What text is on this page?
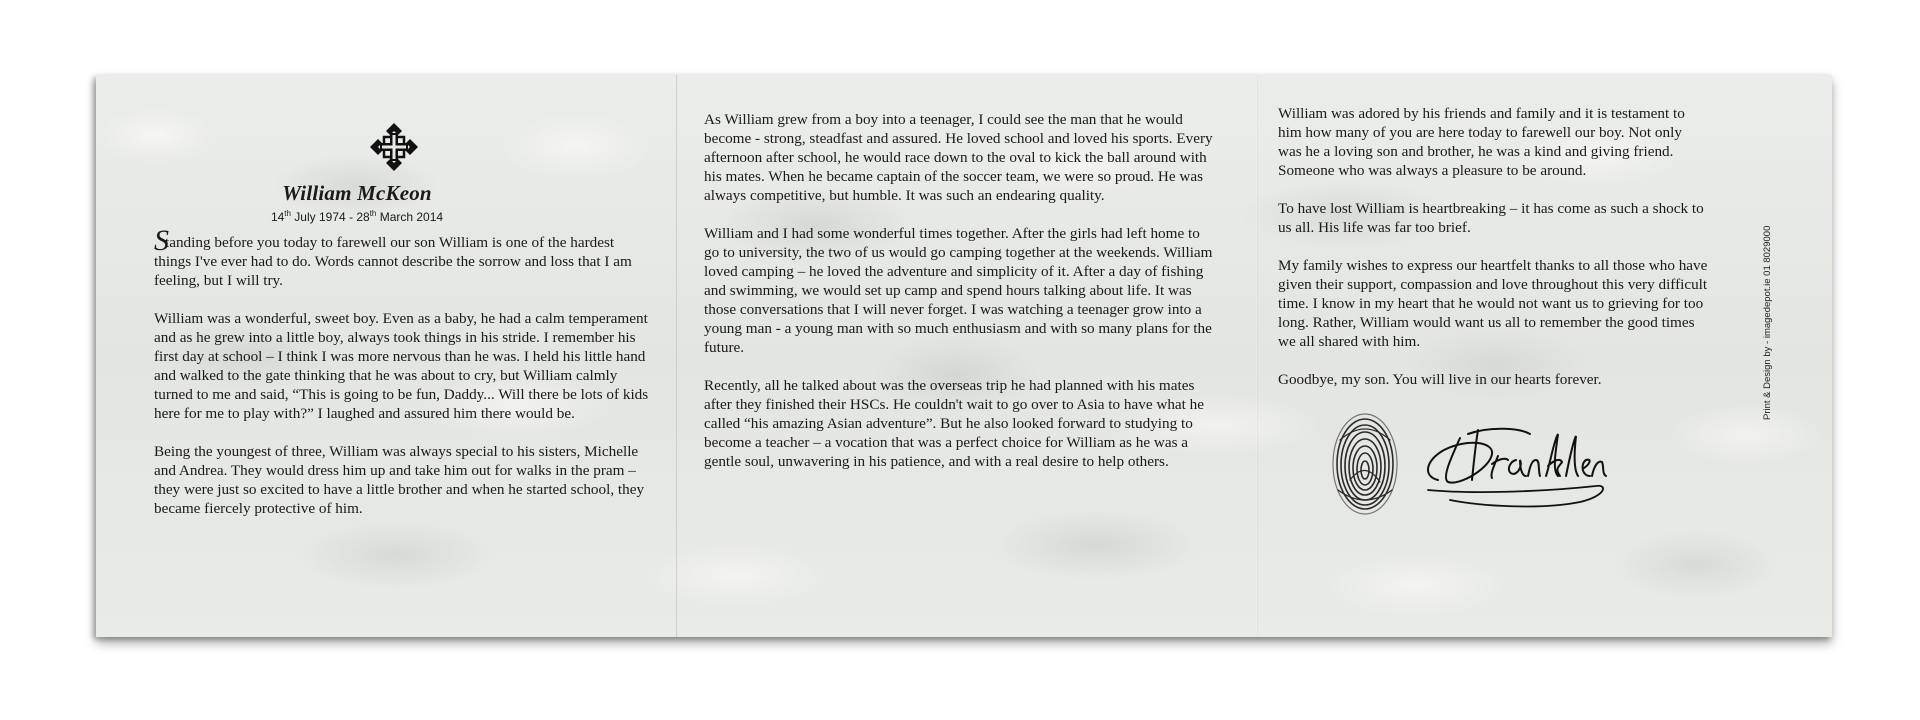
William McKeon
14th July 1974 - 28th March 2014

Standing before you today to farewell our son William is one of the hardest things I've ever had to do. Words cannot describe the sorrow and loss that I am feeling, but I will try.

William was a wonderful, sweet boy. Even as a baby, he had a calm temperament and as he grew into a little boy, always took things in his stride. I remember his first day at school – I think I was more nervous than he was. I held his little hand and walked to the gate thinking that he was about to cry, but William calmly turned to me and said, “This is going to be fun, Daddy... Will there be lots of kids here for me to play with?” I laughed and assured him there would be.

Being the youngest of three, William was always special to his sisters, Michelle and Andrea. They would dress him up and take him out for walks in the pram – they were just so excited to have a little brother and when he started school, they became fiercely protective of him.

As William grew from a boy into a teenager, I could see the man that he would become - strong, steadfast and assured. He loved school and loved his sports. Every afternoon after school, he would race down to the oval to kick the ball around with his mates. When he became captain of the soccer team, we were so proud. He was always competitive, but humble. It was such an endearing quality.

William and I had some wonderful times together. After the girls had left home to go to university, the two of us would go camping together at the weekends. William loved camping – he loved the adventure and simplicity of it. After a day of fishing and swimming, we would set up camp and spend hours talking about life. It was those conversations that I will never forget. I was watching a teenager grow into a young man - a young man with so much enthusiasm and with so many plans for the future.

Recently, all he talked about was the overseas trip he had planned with his mates after they finished their HSCs. He couldn't wait to go over to Asia to have what he called “his amazing Asian adventure”. But he also looked forward to studying to become a teacher – a vocation that was a perfect choice for William as he was a gentle soul, unwavering in his patience, and with a real desire to help others.

William was adored by his friends and family and it is testament to him how many of you are here today to farewell our boy. Not only was he a loving son and brother, he was a kind and giving friend. Someone who was always a pleasure to be around.

To have lost William is heartbreaking – it has come as such a shock to us all. His life was far too brief.

My family wishes to express our heartfelt thanks to all those who have given their support, compassion and love throughout this very difficult time. I know in my heart that he would not want us to grieving for too long. Rather, William would want us all to remember the good times we all shared with him.

Goodbye, my son. You will live in our hearts forever.	Print & Design by - imagedepot.ie 01 8029000
